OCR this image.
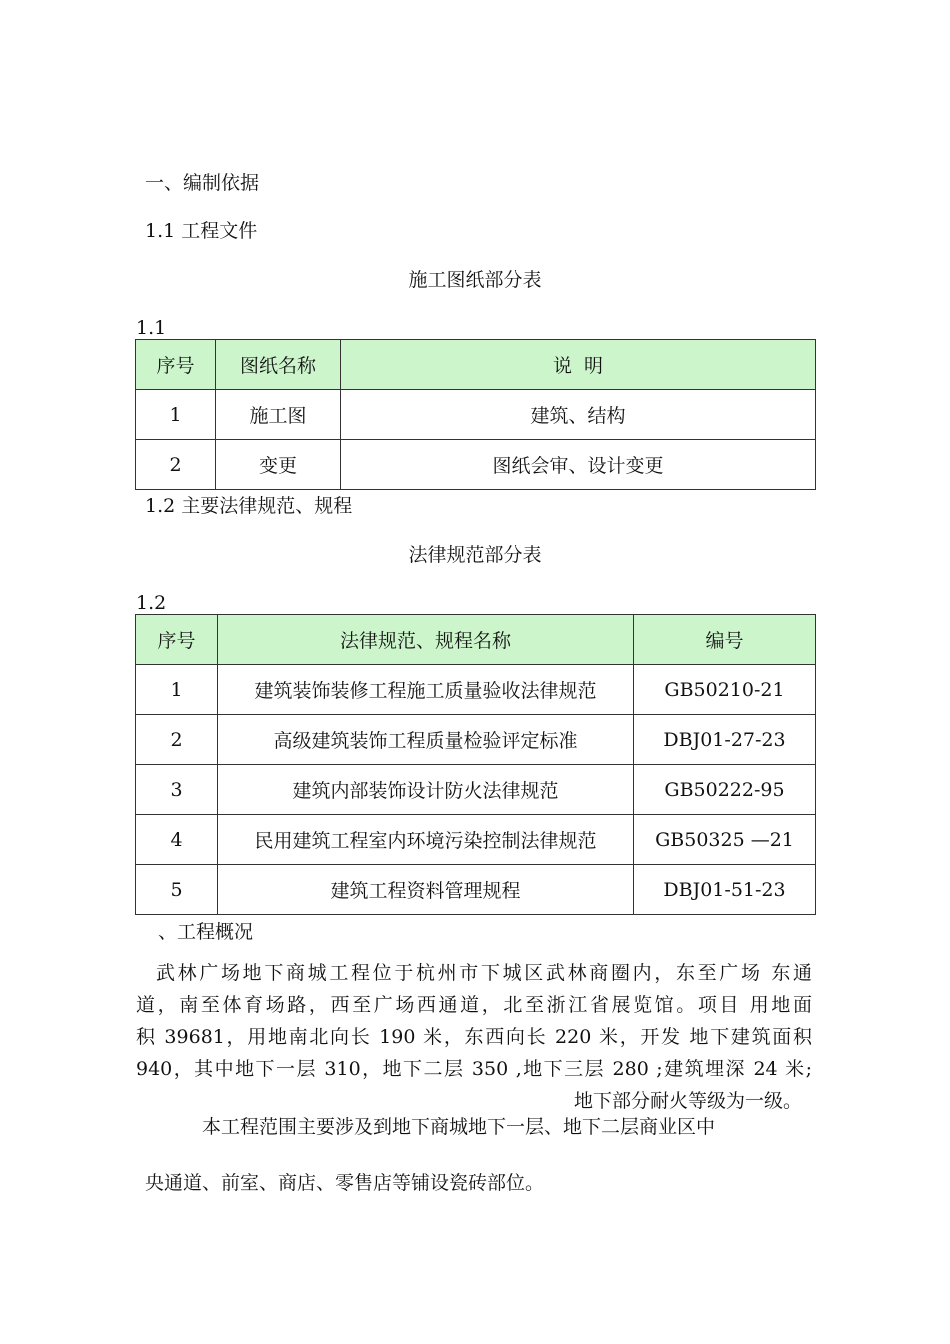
一、编制依据
1.1 工程文件
施工图纸部分表
1.1
序号	图纸名称	说  明
1	施工图	建筑、结构
2	变更	图纸会审、设计变更
1.2 主要法律规范、规程
法律规范部分表
1.2
序号	法律规范、规程名称	编号
1	建筑装饰装修工程施工质量验收法律规范	GB50210-21
2	高级建筑装饰工程质量检验评定标准	DBJ01-27-23
3	建筑内部装饰设计防火法律规范	GB50222-95
4	民用建筑工程室内环境污染控制法律规范	GB50325 —21
5	建筑工程资料管理规程	DBJ01-51-23
、工程概况
武林广场地下商城工程位于杭州市下城区武林商圈内，东至广场 东通
道，南至体育场路，西至广场西通道，北至浙江省展览馆。项目 用地面
积 39681，用地南北向长 190 米，东西向长 220 米，开发 地下建筑面积
940，其中地下一层 310，地下二层 350 ,地下三层 280 ;建筑埋深 24 米;
地下部分耐火等级为一级。
本工程范围主要涉及到地下商城地下一层、地下二层商业区中
央通道、前室、商店、零售店等铺设瓷砖部位。
